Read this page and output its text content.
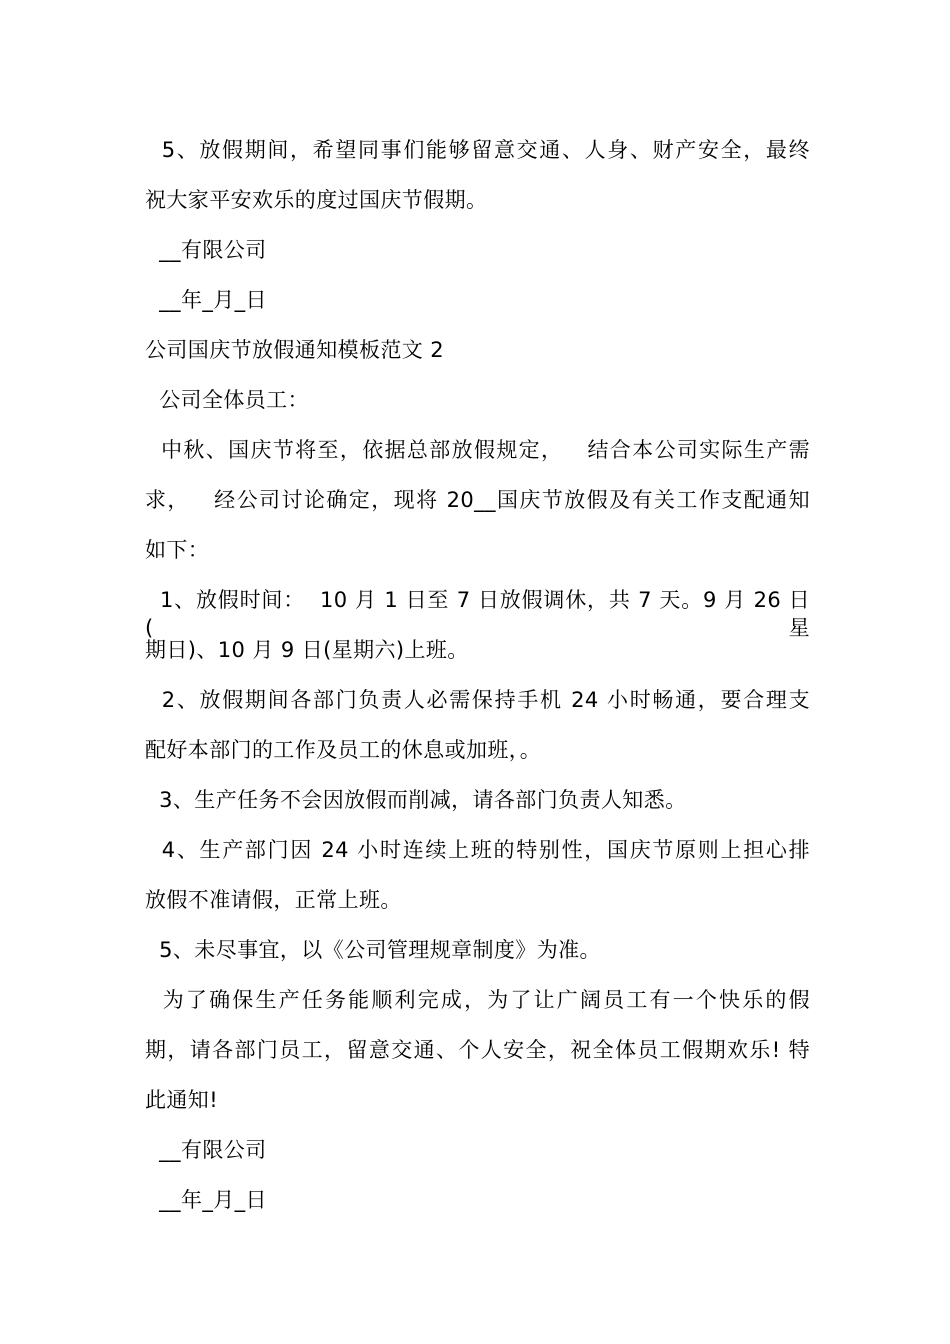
5、放假期间，希望同事们能够留意交通、人身、财产安全，最终
祝大家平安欢乐的度过国庆节假期。
__有限公司
__年_月_日
公司国庆节放假通知模板范文 2
公司全体员工：
中秋、国庆节将至，依据总部放假规定，   结合本公司实际生产需
求，   经公司讨论确定，现将 20__国庆节放假及有关工作支配通知
如下：
1、放假时间：  10 月 1 日至 7 日放假调休，共 7 天。9 月 26 日(星
期日)、10 月 9 日(星期六)上班。
2、放假期间各部门负责人必需保持手机 24 小时畅通，要合理支
配好本部门的工作及员工的休息或加班，。
3、生产任务不会因放假而削减，请各部门负责人知悉。
4、生产部门因 24 小时连续上班的特别性，国庆节原则上担心排
放假不准请假，正常上班。
5、未尽事宜，以《公司管理规章制度》为准。
为了确保生产任务能顺利完成，为了让广阔员工有一个快乐的假
期，请各部门员工，留意交通、个人安全，祝全体员工假期欢乐! 特
此通知!
__有限公司
__年_月_日
